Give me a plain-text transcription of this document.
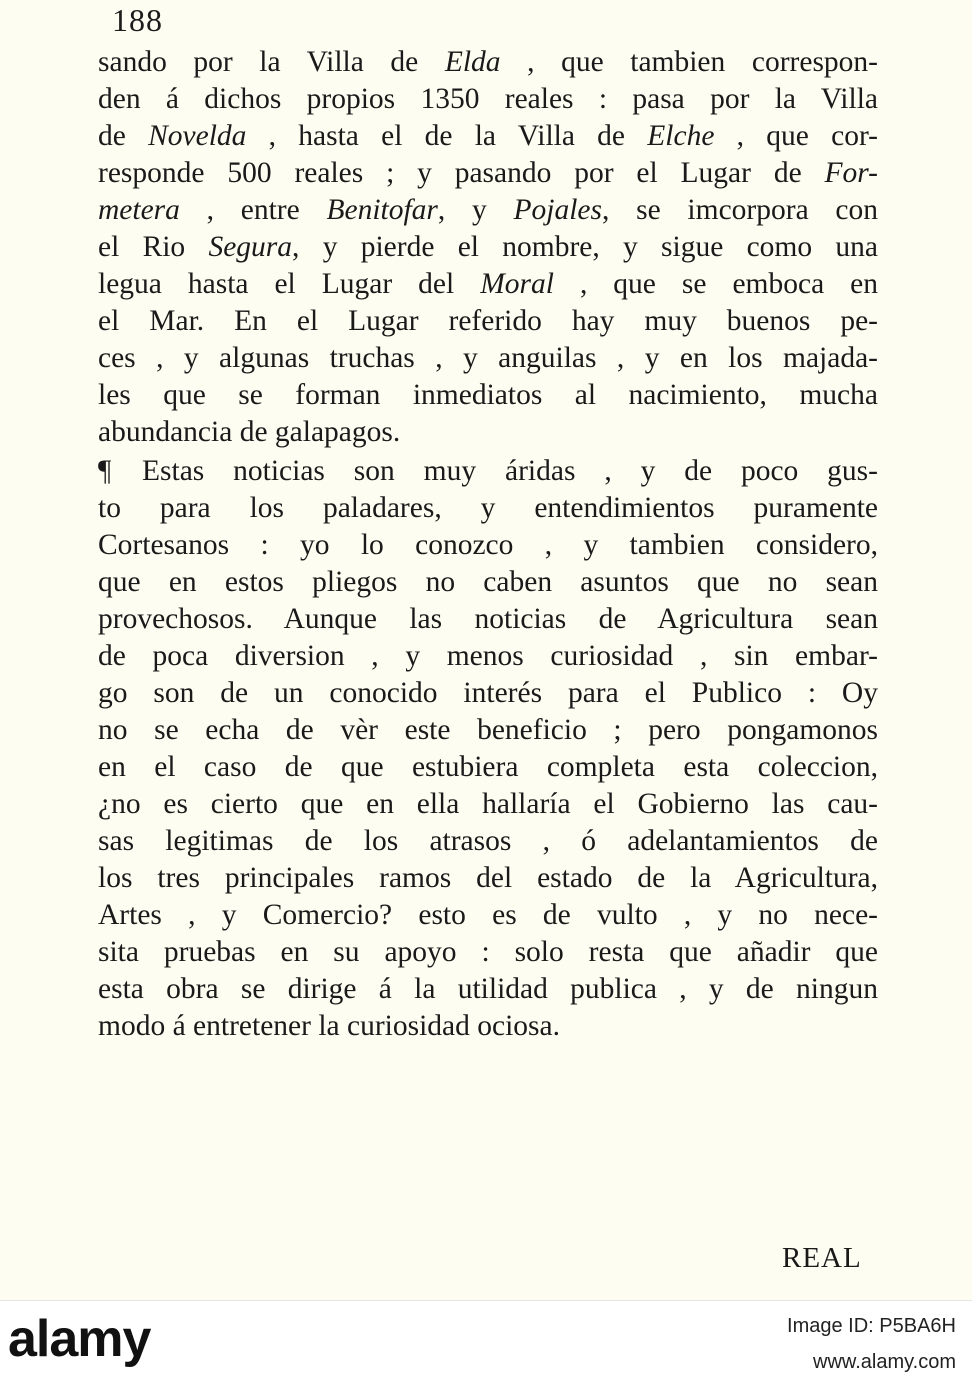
188
sando por la Villa de Elda , que tambien correspon-
den á dichos propios 1350 reales : pasa por la Villa
de Novelda , hasta el de la Villa de Elche , que cor-
responde 500 reales ; y pasando por el Lugar de For-
metera , entre Benitofar, y Pojales, se imcorpora con
el Rio Segura, y pierde el nombre, y sigue como una
legua hasta el Lugar del Moral , que se emboca en
el Mar. En el Lugar referido hay muy buenos pe-
ces , y algunas truchas , y anguilas , y en los majada-
les que se forman inmediatos al nacimiento, mucha
abundancia de galapagos.
¶ Estas noticias son muy áridas , y de poco gus-
to para los paladares, y entendimientos puramente
Cortesanos : yo lo conozco , y tambien considero,
que en estos pliegos no caben asuntos que no sean
provechosos. Aunque las noticias de Agricultura sean
de poca diversion , y menos curiosidad , sin embar-
go son de un conocido interés para el Publico : Oy
no se echa de vèr este beneficio ; pero pongamonos
en el caso de que estubiera completa esta coleccion,
¿no es cierto que en ella hallaría el Gobierno las cau-
sas legitimas de los atrasos , ó adelantamientos de
los tres principales ramos del estado de la Agricultura,
Artes , y Comercio? esto es de vulto , y no nece-
sita pruebas en su apoyo : solo resta que añadir que
esta obra se dirige á la utilidad publica , y de ningun
modo á entretener la curiosidad ociosa.
REAL
alamy	Image ID: P5BA6H
www.alamy.com
